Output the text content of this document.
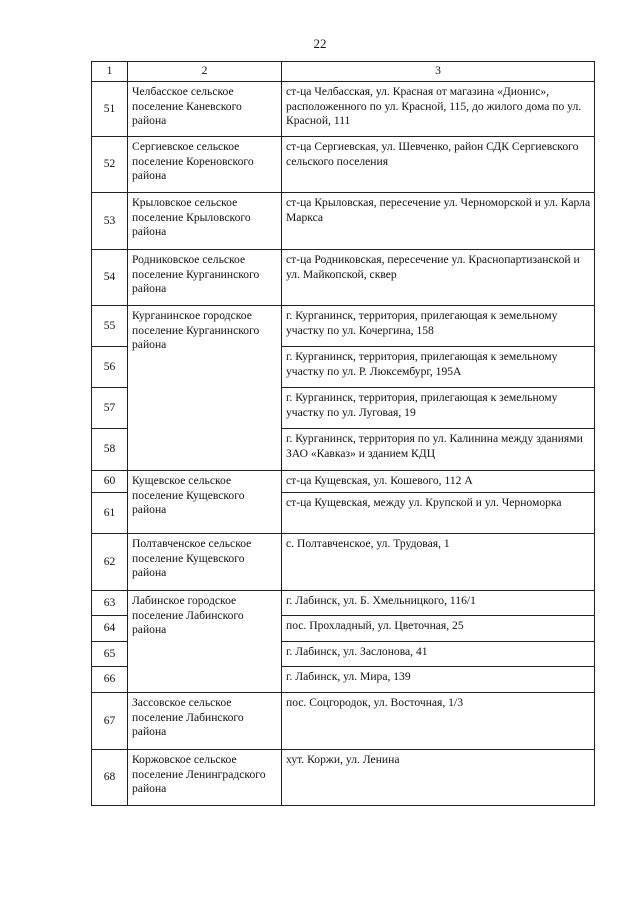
22
1	2	3
51	Челбасское сельское поселение Каневского района	ст-ца Челбасская, ул. Красная от магазина «Дионис», расположенного по ул. Красной, 115, до жилого дома по ул. Красной, 111
52	Сергиевское сельское поселение Кореновского района	ст-ца Сергиевская, ул. Шевченко, район СДК Сергиевского сельского поселения
53	Крыловское сельское поселение Крыловского района	ст-ца Крыловская, пересечение ул. Черноморской и ул. Карла Маркса
54	Родниковское сельское поселение Курганинского района	ст-ца Родниковская, пересечение ул. Краснопартизанской и ул. Майкопской, сквер
55	Курганинское городское поселение Курганинского района	г. Курганинск, территория, прилегающая к земельному участку по ул. Кочергина, 158
56		г. Курганинск, территория, прилегающая к земельному участку по ул. Р. Люксембург, 195А
57		г. Курганинск, территория, прилегающая к земельному участку по ул. Луговая, 19
58		г. Курганинск, территория по ул. Калинина между зданиями ЗАО «Кавказ» и зданием КДЦ
60	Кущевское сельское поселение Кущевского района	ст-ца Кущевская, ул. Кошевого, 112 А
61		ст-ца Кущевская, между ул. Крупской и ул. Черноморка
62	Полтавченское сельское поселение Кущевского района	с. Полтавченское, ул. Трудовая, 1
63	Лабинское городское поселение Лабинского района	г. Лабинск, ул. Б. Хмельницкого, 116/1
64		пос. Прохладный, ул. Цветочная, 25
65		г. Лабинск, ул. Заслонова, 41
66		г. Лабинск, ул. Мира, 139
67	Зассовское сельское поселение Лабинского района	пос. Соцгородок, ул. Восточная, 1/3
68	Коржовское сельское поселение Ленинградского района	хут. Коржи, ул. Ленина
